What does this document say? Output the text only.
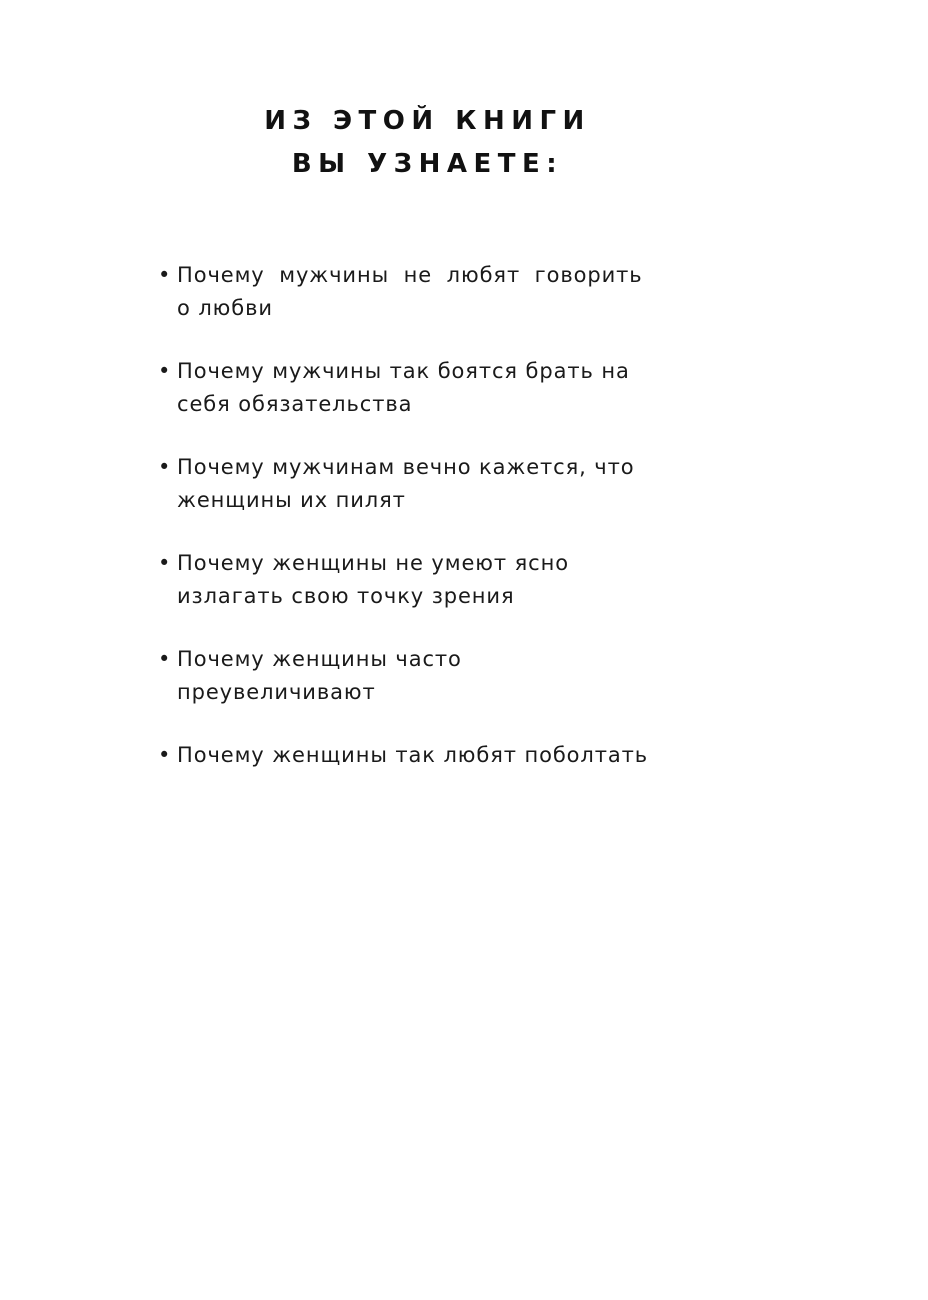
ИЗ ЭТОЙ КНИГИ
ВЫ УЗНАЕТЕ:
• Почему мужчины не любят говорить
о любви
• Почему мужчины так боятся брать на
себя обязательства
• Почему мужчинам вечно кажется, что
женщины их пилят
• Почему женщины не умеют ясно
излагать свою точку зрения
• Почему женщины часто
преувеличивают
• Почему женщины так любят поболтать
